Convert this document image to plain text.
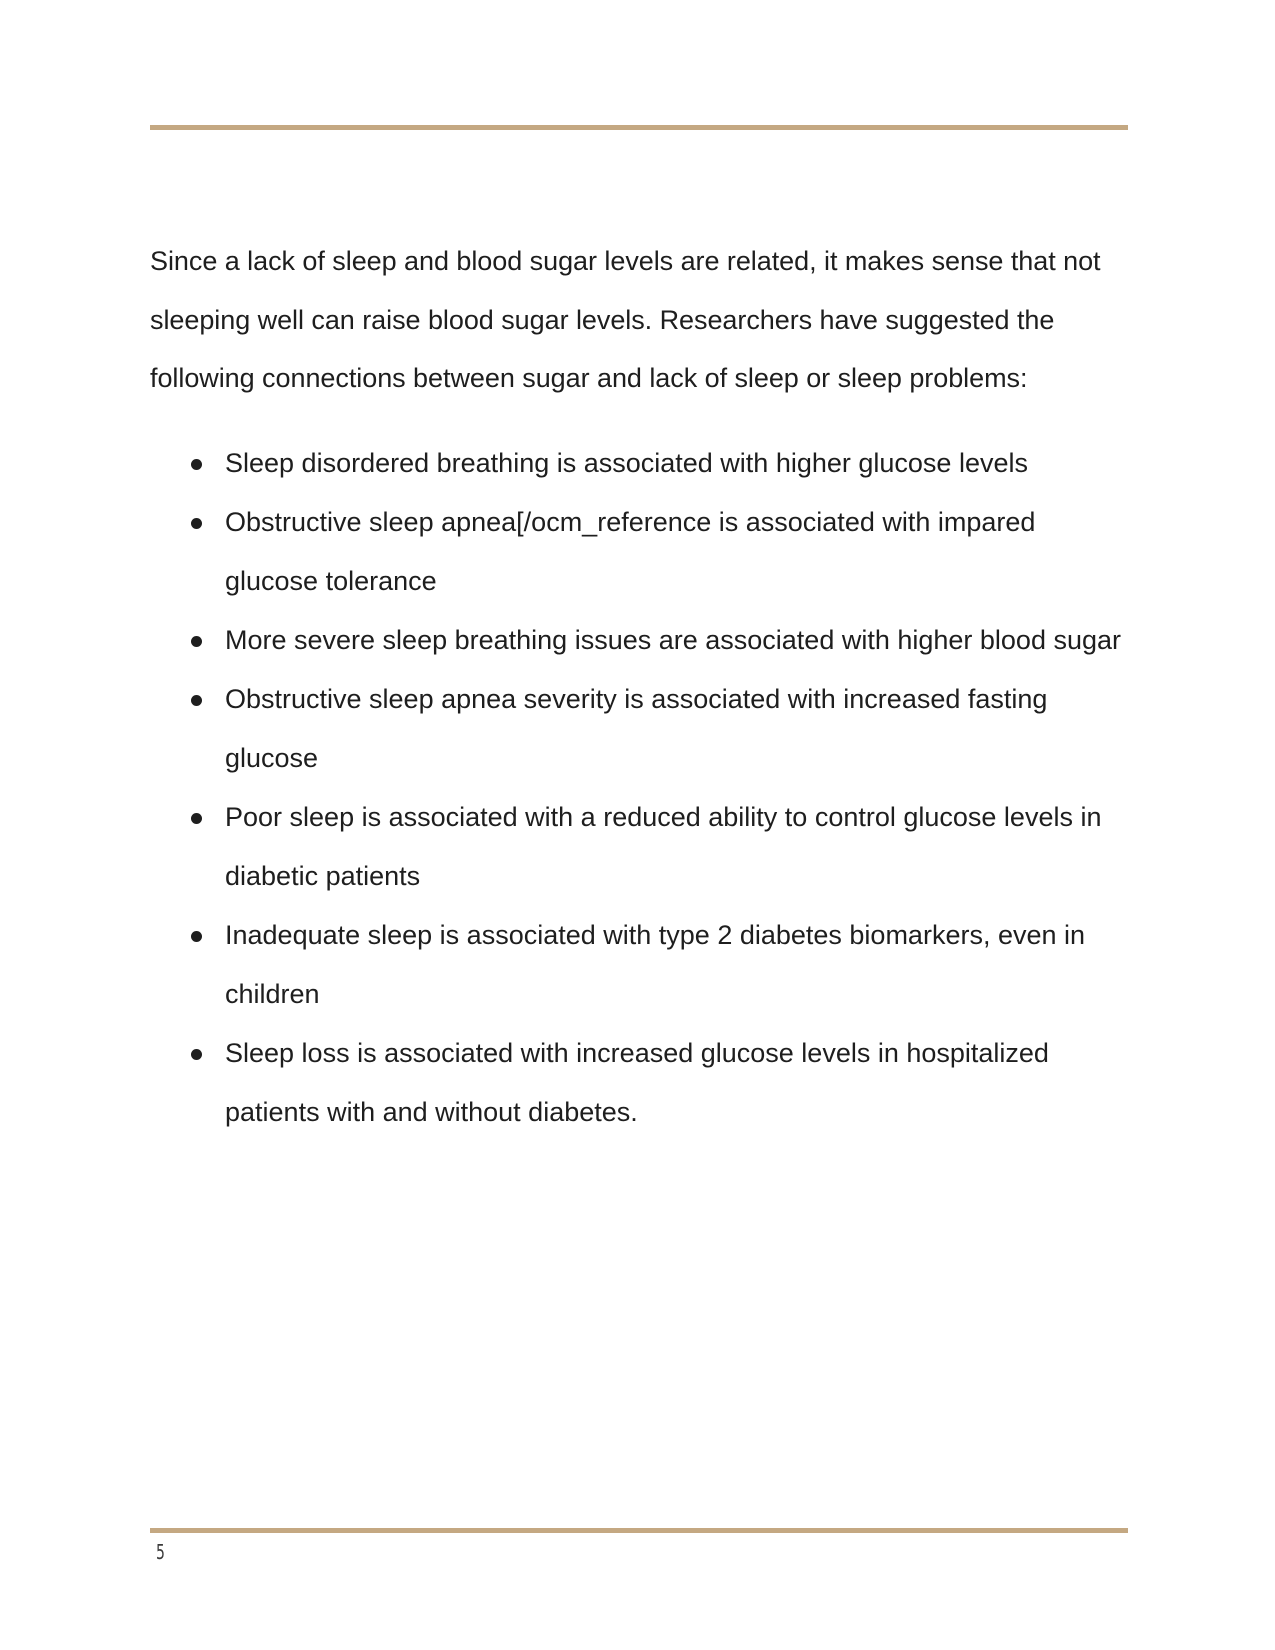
Since a lack of sleep and blood sugar levels are related, it makes sense that not sleeping well can raise blood sugar levels. Researchers have suggested the following connections between sugar and lack of sleep or sleep problems:

Sleep disordered breathing is associated with higher glucose levels
Obstructive sleep apnea[/ocm_reference is associated with impared glucose tolerance
More severe sleep breathing issues are associated with higher blood sugar
Obstructive sleep apnea severity is associated with increased fasting glucose
Poor sleep is associated with a reduced ability to control glucose levels in diabetic patients
Inadequate sleep is associated with type 2 diabetes biomarkers, even in children
Sleep loss is associated with increased glucose levels in hospitalized patients with and without diabetes.
5
